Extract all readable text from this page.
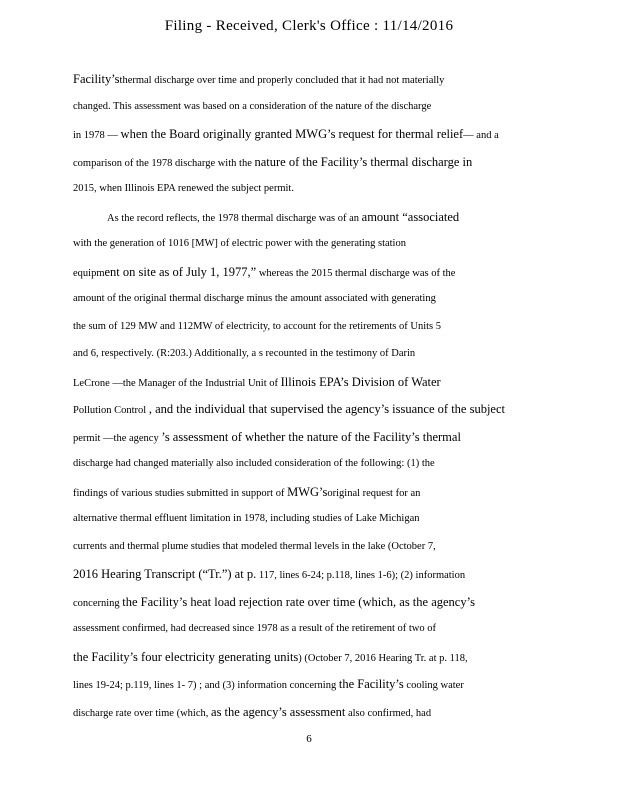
Filing - Received, Clerk's Office : 11/14/2016
Facility’sthermal discharge over time and properly concluded that it had not materially
changed. This assessment was based on a consideration of the nature of the discharge
in 1978 — when the Board originally granted MWG’s request for thermal relief— and a
comparison of the 1978 discharge with the nature of the Facility’s thermal discharge in
2015, when Illinois EPA renewed the subject permit.
As the record reflects, the 1978 thermal discharge was of an amount “associated
with the generation of 1016 [MW] of electric power with the generating station
equipment on site as of July 1, 1977,” whereas the 2015 thermal discharge was of the
amount of the original thermal discharge minus the amount associated with generating
the sum of 129 MW and 112MW of electricity, to account for the retirements of Units 5
and 6, respectively. (R:203.) Additionally, a s recounted in the testimony of Darin
LeCrone —the Manager of the Industrial Unit of Illinois EPA’s Division of Water
Pollution Control , and the individual that supervised the agency’s issuance of the subject
permit —the agency ’s assessment of whether the nature of the Facility’s thermal
discharge had changed materially also included consideration of the following: (1) the
findings of various studies submitted in support of MWG’soriginal request for an
alternative thermal effluent limitation in 1978, including studies of Lake Michigan
currents and thermal plume studies that modeled thermal levels in the lake (October 7,
2016 Hearing Transcript (“Tr.”) at p. 117, lines 6-24; p.118, lines 1-6); (2) information
concerning the Facility’s heat load rejection rate over time (which, as the agency’s
assessment confirmed, had decreased since 1978 as a result of the retirement of two of
the Facility’s four electricity generating units) (October 7, 2016 Hearing Tr. at p. 118,
lines 19-24; p.119, lines 1- 7) ; and (3) information concerning the Facility’s cooling water
discharge rate over time (which, as the agency’s assessment also confirmed, had
6
